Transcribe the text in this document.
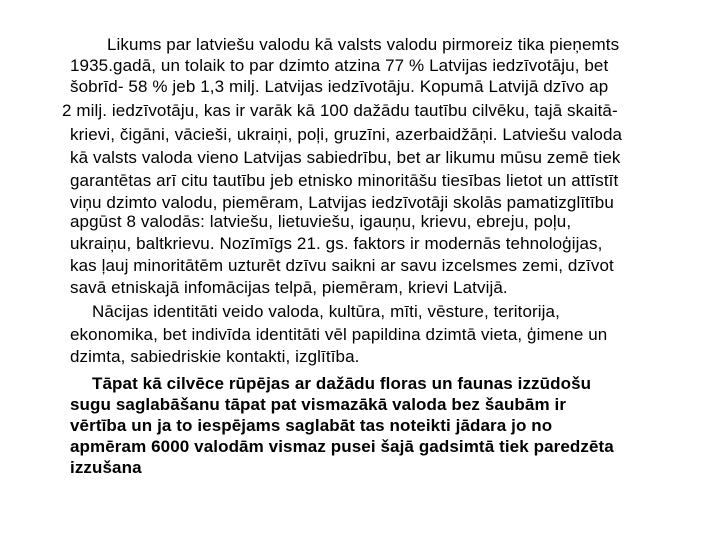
Likums par latviešu valodu kā valsts valodu pirmoreiz tika pieņemts
1935.gadā, un tolaik to par dzimto atzina 77 % Latvijas iedzīvotāju, bet
šobrīd- 58 % jeb 1,3 milj. Latvijas iedzīvotāju. Kopumā Latvijā dzīvo ap
2 milj. iedzīvotāju, kas ir varāk kā 100 dažādu tautību cilvēku, tajā skaitā-
krievi, čigāni, vācieši, ukraiņi, poļi, gruzīni, azerbaidžāņi. Latviešu valoda
kā valsts valoda vieno Latvijas sabiedrību, bet ar likumu mūsu zemē tiek
garantētas arī citu tautību jeb etnisko minoritāšu tiesības lietot un attīstīt
viņu dzimto valodu, piemēram, Latvijas iedzīvotāji skolās pamatizglītību
apgūst 8 valodās: latviešu, lietuviešu, igauņu, krievu, ebreju, poļu,
ukraiņu, baltkrievu. Nozīmīgs 21. gs. faktors ir modernās tehnoloģijas,
kas ļauj minoritātēm uzturēt dzīvu saikni ar savu izcelsmes zemi, dzīvot
savā etniskajā infomācijas telpā, piemēram, krievi Latvijā.
Nācijas identitāti veido valoda, kultūra, mīti, vēsture, teritorija,
ekonomika, bet indivīda identitāti vēl papildina dzimtā vieta, ģimene un
dzimta, sabiedriskie kontakti, izglītība.
Tāpat kā cilvēce rūpējas ar dažādu floras un faunas izzūdošu
sugu saglabāšanu tāpat pat vismazākā valoda bez šaubām ir
vērtība un ja to iespējams saglabāt tas noteikti jādara jo no
apmēram 6000 valodām vismaz pusei šajā gadsimtā tiek paredzēta
izzušana
